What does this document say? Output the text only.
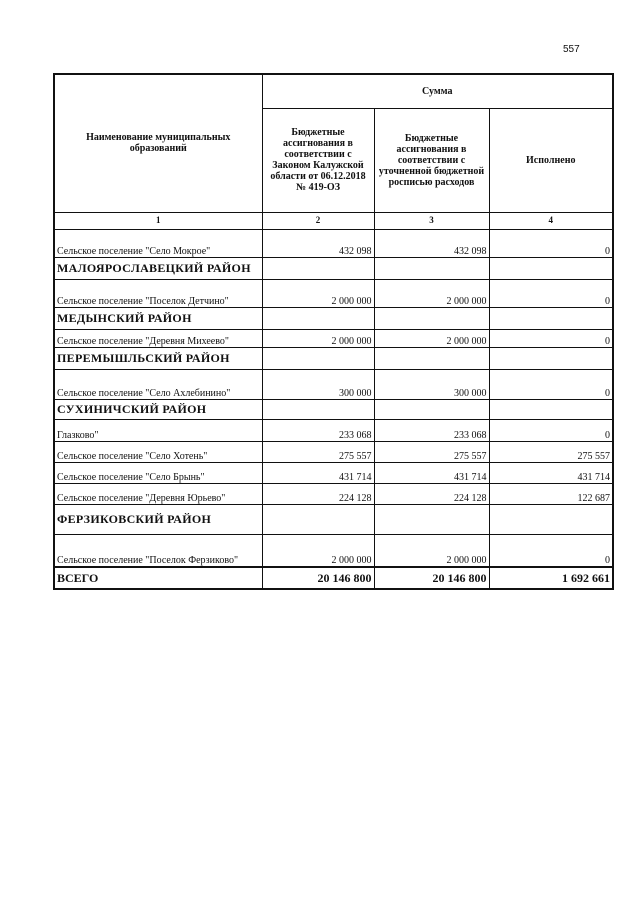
557
Наименование муниципальных образований	Сумма		
	Бюджетные ассигнования в соответствии с Законом Калужской области от 06.12.2018 № 419-ОЗ	Бюджетные ассигнования в соответствии с уточненной бюджетной росписью расходов	Исполнено
1	2	3	4
Сельское поселение "Село Мокрое"	432 098	432 098	0
МАЛОЯРОСЛАВЕЦКИЙ РАЙОН			
Сельское поселение "Поселок Детчино"	2 000 000	2 000 000	0
МЕДЫНСКИЙ РАЙОН			
Сельское поселение "Деревня Михеево"	2 000 000	2 000 000	0
ПЕРЕМЫШЛЬСКИЙ РАЙОН			
Сельское поселение "Село Ахлебинино"	300 000	300 000	0
СУХИНИЧСКИЙ РАЙОН			
Глазково"	233 068	233 068	0
Сельское поселение "Село Хотень"	275 557	275 557	275 557
Сельское поселение "Село Брынь"	431 714	431 714	431 714
Сельское поселение "Деревня Юрьево"	224 128	224 128	122 687
ФЕРЗИКОВСКИЙ РАЙОН			
Сельское поселение "Поселок Ферзиково"	2 000 000	2 000 000	0
ВСЕГО	20 146 800	20 146 800	1 692 661
